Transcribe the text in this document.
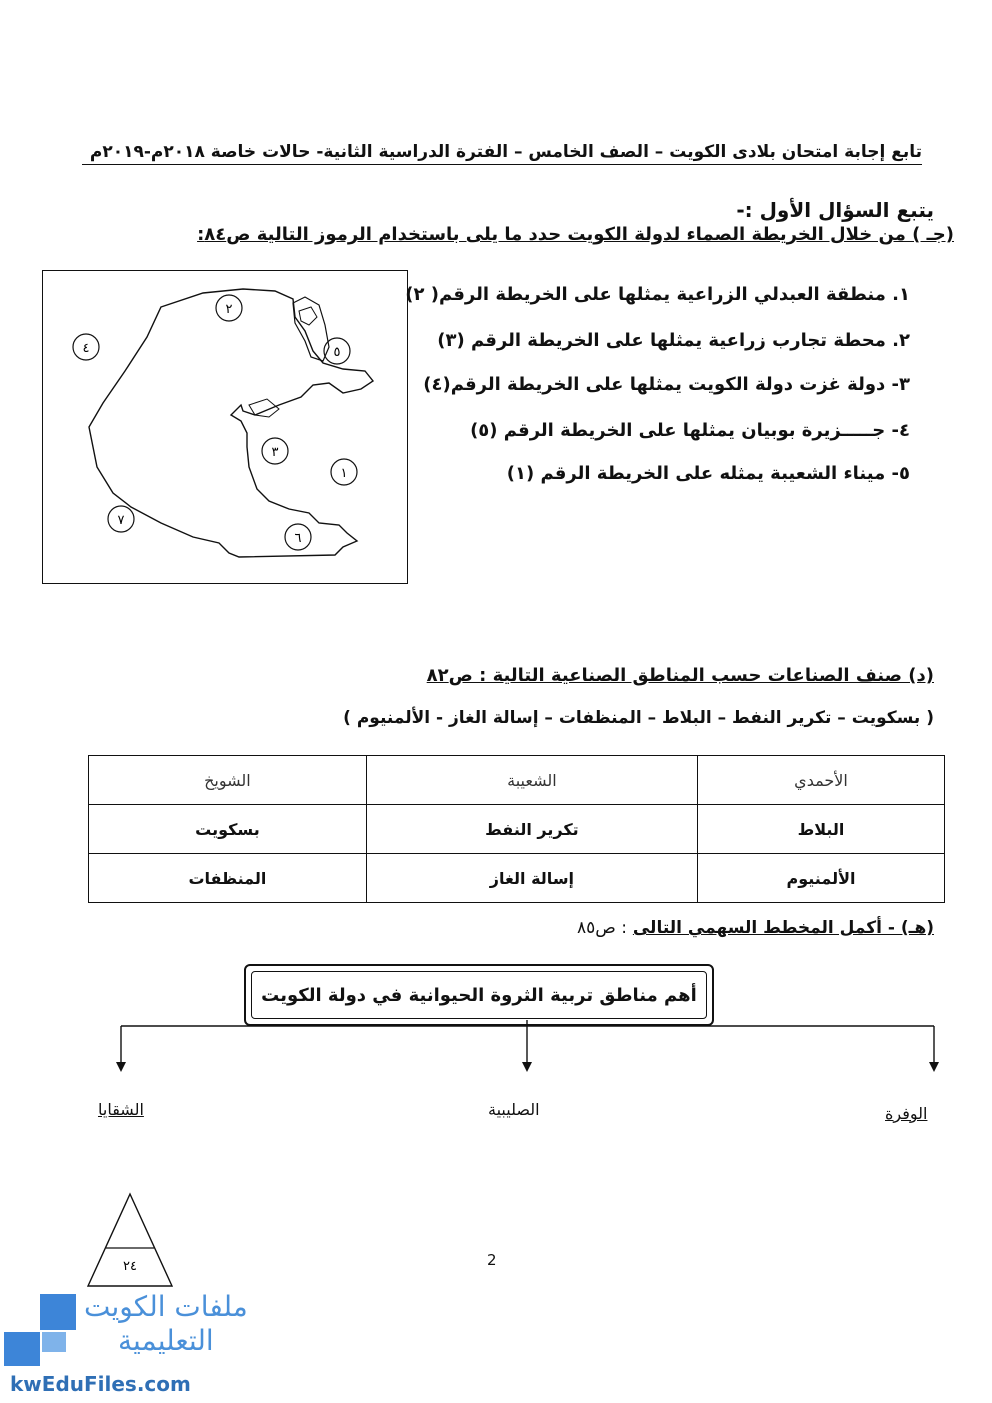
تابع إجابة امتحان بلادى الكويت – الصف الخامس – الفترة الدراسية الثانية- حالات خاصة ٢٠١٨م-٢٠١٩م
يتبع السؤال الأول :-
(جـ ) من خلال الخريطة الصماء لدولة الكويت حدد ما يلى باستخدام الرموز التالية ص٨٤:
١. منطقة العبدلي الزراعية يمثلها على الخريطة الرقم( ٢)
٢. محطة تجارب زراعية يمثلها على الخريطة الرقم (٣)
٣- دولة غزت دولة الكويت يمثلها على الخريطة الرقم(٤)
٤- جـــــزيرة بوبيان يمثلها على الخريطة الرقم (٥)
٥- ميناء الشعيبة يمثله على الخريطة الرقم (١)
٢
٥
٤
٣
١
٧
٦
(د) صنف الصناعات حسب المناطق الصناعية التالية : ص٨٢
( بسكويت – تكرير النفط – البلاط – المنظفات – إسالة الغاز - الألمنيوم )
الشويخ	الشعيبة	الأحمدي
بسكويت	تكرير النفط	البلاط
المنظفات	إسالة الغاز	الألمنيوم
(هـ) - أكمل المخطط السهمي التالى : ص٨٥
أهم مناطق تربية الثروة الحيوانية في دولة الكويت
الوفرة
الصليبية
الشقايا
٢٤	2
ملفات الكويت
التعليمية
kwEduFiles.com
